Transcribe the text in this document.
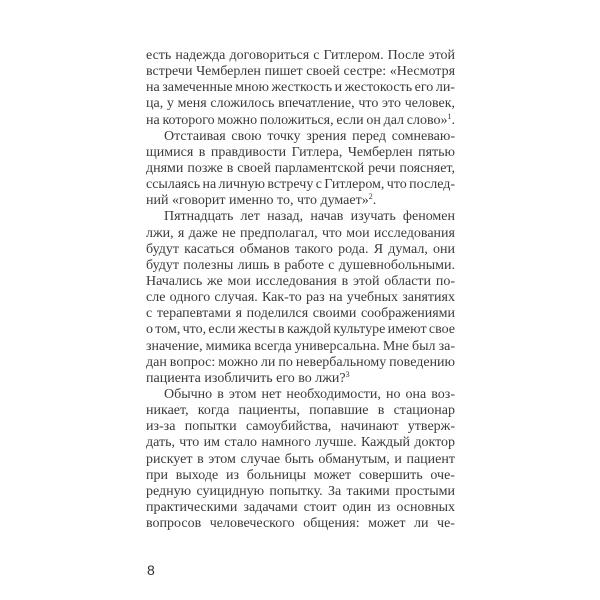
есть надежда договориться с Гитлером. После этой
встречи Чемберлен пишет своей сестре: «Несмотря
на замеченные мною жесткость и жестокость его ли-
ца, у меня сложилось впечатление, что это человек,
на которого можно положиться, если он дал слово»$^1$.
Отстаивая свою точку зрения перед сомневаю-
щимися в правдивости Гитлера, Чемберлен пятью
днями позже в своей парламентской речи поясняет,
ссылаясь на личную встречу с Гитлером, что послед-
ний «говорит именно то, что думает»$^2$.
Пятнадцать лет назад, начав изучать феномен
лжи, я даже не предполагал, что мои исследования
будут касаться обманов такого рода. Я думал, они
будут полезны лишь в работе с душевнобольными.
Начались же мои исследования в этой области по-
сле одного случая. Как-то раз на учебных занятиях
с терапевтами я поделился своими соображениями
о том, что, если жесты в каждой культуре имеют свое
значение, мимика всегда универсальна. Мне был за-
дан вопрос: можно ли по невербальному поведению
пациента изобличить его во лжи?$^3$
Обычно в этом нет необходимости, но она воз-
никает, когда пациенты, попавшие в стационар
из-за попытки самоубийства, начинают утверж-
дать, что им стало намного лучше. Каждый доктор
рискует в этом случае быть обманутым, и пациент
при выходе из больницы может совершить оче-
редную суицидную попытку. За такими простыми
практическими задачами стоит один из основных
вопросов человеческого общения: может ли че-
8
